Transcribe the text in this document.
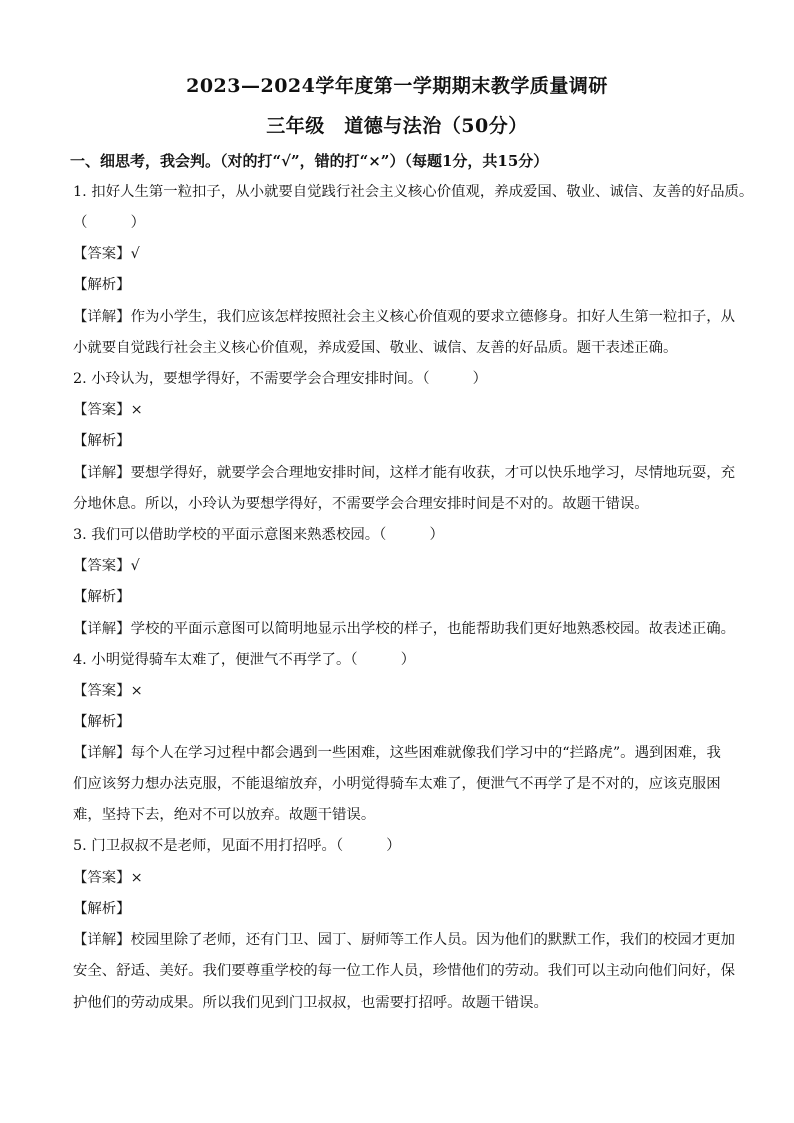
2023—2024学年度第一学期期末教学质量调研
三年级　道德与法治（50分）
一、细思考，我会判。（对的打“√”，错的打“×”）（每题1分，共15分）
1. 扣好人生第一粒扣子，从小就要自觉践行社会主义核心价值观，养成爱国、敬业、诚信、友善的好品质。
（　　　）
【答案】√
【解析】
【详解】作为小学生，我们应该怎样按照社会主义核心价值观的要求立德修身。扣好人生第一粒扣子，从
小就要自觉践行社会主义核心价值观，养成爱国、敬业、诚信、友善的好品质。题干表述正确。
2. 小玲认为，要想学得好，不需要学会合理安排时间。（　　　）
【答案】×
【解析】
【详解】要想学得好，就要学会合理地安排时间，这样才能有收获，才可以快乐地学习，尽情地玩耍，充
分地休息。所以，小玲认为要想学得好，不需要学会合理安排时间是不对的。故题干错误。
3. 我们可以借助学校的平面示意图来熟悉校园。（　　　）
【答案】√
【解析】
【详解】学校的平面示意图可以简明地显示出学校的样子，也能帮助我们更好地熟悉校园。故表述正确。
4. 小明觉得骑车太难了，便泄气不再学了。（　　　）
【答案】×
【解析】
【详解】每个人在学习过程中都会遇到一些困难，这些困难就像我们学习中的“拦路虎”。遇到困难，我
们应该努力想办法克服，不能退缩放弃，小明觉得骑车太难了，便泄气不再学了是不对的，应该克服困
难，坚持下去，绝对不可以放弃。故题干错误。
5. 门卫叔叔不是老师，见面不用打招呼。（　　　）
【答案】×
【解析】
【详解】校园里除了老师，还有门卫、园丁、厨师等工作人员。因为他们的默默工作，我们的校园才更加
安全、舒适、美好。我们要尊重学校的每一位工作人员，珍惜他们的劳动。我们可以主动向他们问好，保
护他们的劳动成果。所以我们见到门卫叔叔，也需要打招呼。故题干错误。
